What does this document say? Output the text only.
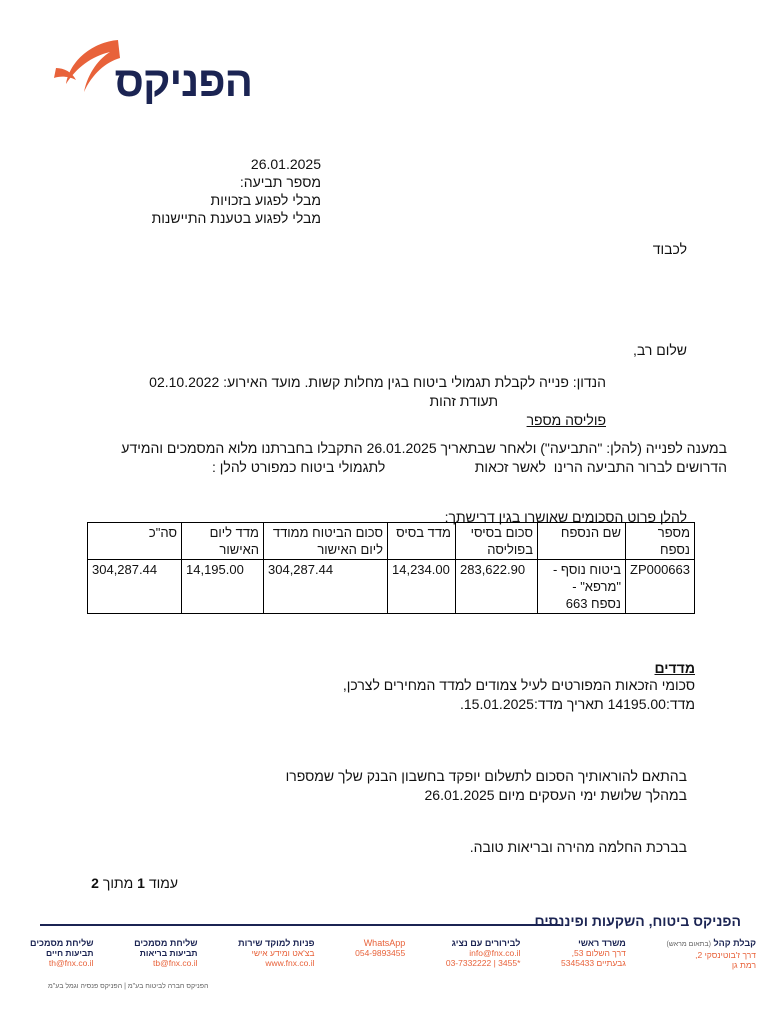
הפניקס
26.01.2025
מספר תביעה:
מבלי לפגוע בזכויות
מבלי לפגוע בטענת התיישנות
לכבוד
שלום רב,
הנדון: פנייה לקבלת תגמולי ביטוח בגין מחלות קשות. מועד האירוע: 02.10.2022
תעודת זהות
פוליסה מספר
במענה לפנייה (להלן: "התביעה") ולאחר שבתאריך 26.01.2025 התקבלו בחברתנו מלוא המסמכים והמידע
הדרושים לברור התביעה הרינו  לאשר זכאות                       לתגמולי ביטוח כמפורט להלן :
להלן פרוט הסכומים שאושרו בגין דרישתך:
מספר נספח	שם הנספח	סכום בסיסי בפוליסה	מדד בסיס	סכום הביטוח ממודד ליום האישור	מדד ליום האישור	סה"כ
ZP000663	ביטוח נוסף - "מרפא" - נספח 663	283,622.90	14,234.00	304,287.44	14,195.00	304,287.44
מדדים
סכומי הזכאות המפורטים לעיל צמודים למדד המחירים לצרכן,
מדד:14195.00 תאריך מדד:15.01.2025.
בהתאם להוראותיך הסכום לתשלום יופקד בחשבון הבנק שלך שמספרו
במהלך שלושת ימי העסקים מיום 26.01.2025
בברכת החלמה מהירה ובריאות טובה.
עמוד 1 מתוך 2
הפניקס ביטוח, השקעות ופיננסים
קבלת קהל (בתאום מראש)
דרך ז'בוטינסקי 2,
רמת גן
משרד ראשי
דרך השלום 53,
גבעתיים 5345433
לבירורים עם נציג
info@fnx.co.il
*3455 | 03-7332222
WhatsApp
054-9893455
פניות למוקד שירות
בצ'אט ומידע אישי
www.fnx.co.il
שליחת מסמכים
תביעות בריאות
tb@fnx.co.il
שליחת מסמכים
תביעות חיים
th@fnx.co.il
הפניקס חברה לביטוח בע"מ | הפניקס פנסיה וגמל בע"מ
